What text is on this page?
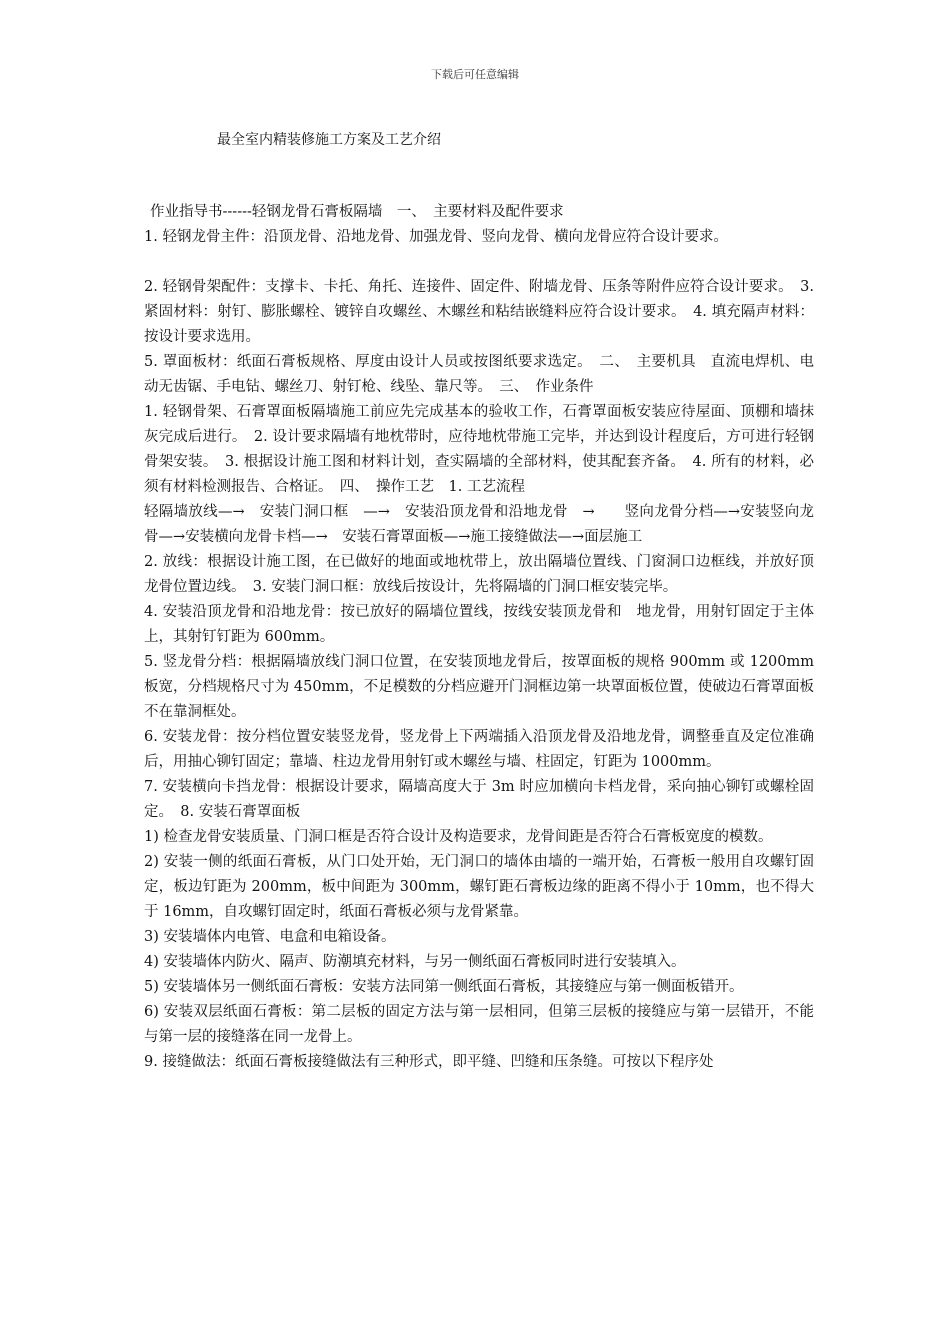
下载后可任意编辑
最全室内精装修施工方案及工艺介绍

作业指导书------轻钢龙骨石膏板隔墙　一、　主要材料及配件要求

1. 轻钢龙骨主件：沿顶龙骨、沿地龙骨、加强龙骨、竖向龙骨、横向龙骨应符合设计要求。

2. 轻钢骨架配件：支撑卡、卡托、角托、连接件、固定件、附墙龙骨、压条等附件应符合设计要求。　3. 紧固材料：射钉、膨胀螺栓、镀锌自攻螺丝、木螺丝和粘结嵌缝料应符合设计要求。　4. 填充隔声材料：按设计要求选用。

5. 罩面板材：纸面石膏板规格、厚度由设计人员或按图纸要求选定。　二、　主要机具　直流电焊机、电动无齿锯、手电钻、螺丝刀、射钉枪、线坠、靠尺等。　三、　作业条件

1. 轻钢骨架、石膏罩面板隔墙施工前应先完成基本的验收工作，石膏罩面板安装应待屋面、顶棚和墙抹灰完成后进行。　2. 设计要求隔墙有地枕带时，应待地枕带施工完毕，并达到设计程度后，方可进行轻钢骨架安装。　3. 根据设计施工图和材料计划，查实隔墙的全部材料，使其配套齐备。　4. 所有的材料，必须有材料检测报告、合格证。　四、　操作工艺　1. 工艺流程

轻隔墙放线—→　安装门洞口框　—→　安装沿顶龙骨和沿地龙骨　→　　竖向龙骨分档—→安装竖向龙骨—→安装横向龙骨卡档—→　安装石膏罩面板—→施工接缝做法—→面层施工

2. 放线：根据设计施工图，在已做好的地面或地枕带上，放出隔墙位置线、门窗洞口边框线，并放好顶龙骨位置边线。　3. 安装门洞口框：放线后按设计，先将隔墙的门洞口框安装完毕。

4. 安装沿顶龙骨和沿地龙骨：按已放好的隔墙位置线，按线安装顶龙骨和　地龙骨，用射钉固定于主体上，其射钉钉距为 600mm。

5. 竖龙骨分档：根据隔墙放线门洞口位置，在安装顶地龙骨后，按罩面板的规格 900mm 或 1200mm 板宽，分档规格尺寸为 450mm，不足模数的分档应避开门洞框边第一块罩面板位置，使破边石膏罩面板不在靠洞框处。

6. 安装龙骨：按分档位置安装竖龙骨，竖龙骨上下两端插入沿顶龙骨及沿地龙骨，调整垂直及定位准确后，用抽心铆钉固定；靠墙、柱边龙骨用射钉或木螺丝与墙、柱固定，钉距为 1000mm。

7. 安装横向卡挡龙骨：根据设计要求，隔墙高度大于 3m 时应加横向卡档龙骨，采向抽心铆钉或螺栓固定。　8. 安装石膏罩面板

1) 检查龙骨安装质量、门洞口框是否符合设计及构造要求，龙骨间距是否符合石膏板宽度的模数。

2) 安装一侧的纸面石膏板，从门口处开始，无门洞口的墙体由墙的一端开始，石膏板一般用自攻螺钉固定，板边钉距为 200mm，板中间距为 300mm，螺钉距石膏板边缘的距离不得小于 10mm，也不得大于 16mm，自攻螺钉固定时，纸面石膏板必须与龙骨紧靠。

3) 安装墙体内电管、电盒和电箱设备。

4) 安装墙体内防火、隔声、防潮填充材料，与另一侧纸面石膏板同时进行安装填入。

5) 安装墙体另一侧纸面石膏板：安装方法同第一侧纸面石膏板，其接缝应与第一侧面板错开。

6) 安装双层纸面石膏板：第二层板的固定方法与第一层相同，但第三层板的接缝应与第一层错开，不能与第一层的接缝落在同一龙骨上。

9. 接缝做法：纸面石膏板接缝做法有三种形式，即平缝、凹缝和压条缝。可按以下程序处
